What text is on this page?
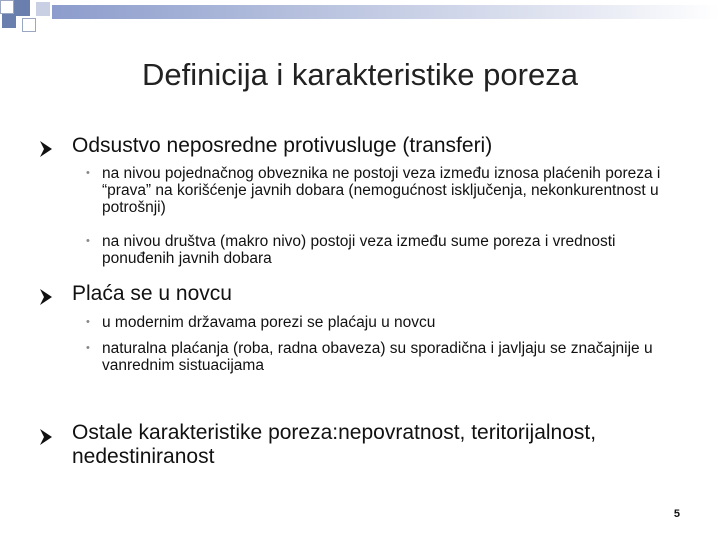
Definicija i karakteristike poreza
Odsustvo neposredne protivusluge (transferi)
• na nivou pojednačnog obveznika ne postoji veza između iznosa plaćenih poreza i “prava” na korišćenje javnih dobara (nemogućnost isključenja, nekonkurentnost u potrošnji)
• na nivou društva (makro nivo) postoji veza između sume poreza i vrednosti ponuđenih javnih dobara
Plaća se u novcu
• u modernim državama porezi se plaćaju u novcu
• naturalna plaćanja (roba, radna obaveza) su sporadična i javljaju se značajnije u vanrednim sistuacijama
Ostale karakteristike poreza:nepovratnost, teritorijalnost, nedestiniranost
5
